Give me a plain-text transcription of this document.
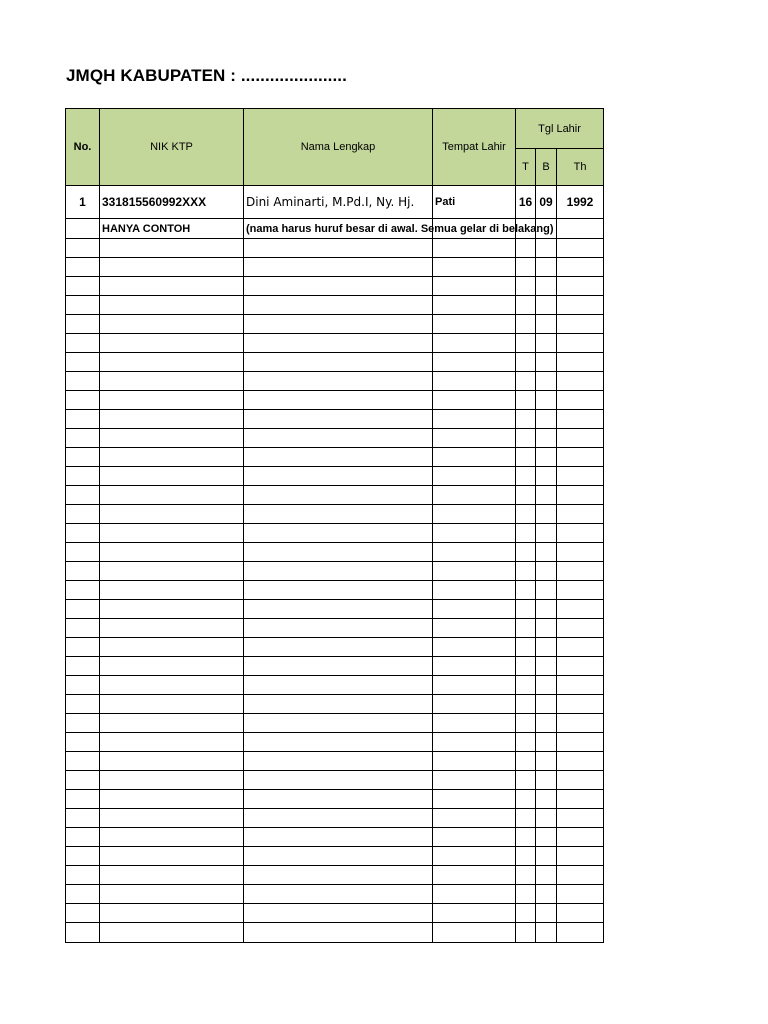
JMQH KABUPATEN : ......................
No.	NIK KTP	Nama Lengkap	Tempat Lahir	Tgl Lahir		
				T	B	Th
1	331815560992XXX	Dini Aminarti, M.Pd.I, Ny. Hj.	Pati	16	09	1992
	HANYA CONTOH	(nama harus huruf besar di awal. Semua gelar di belakang)				
